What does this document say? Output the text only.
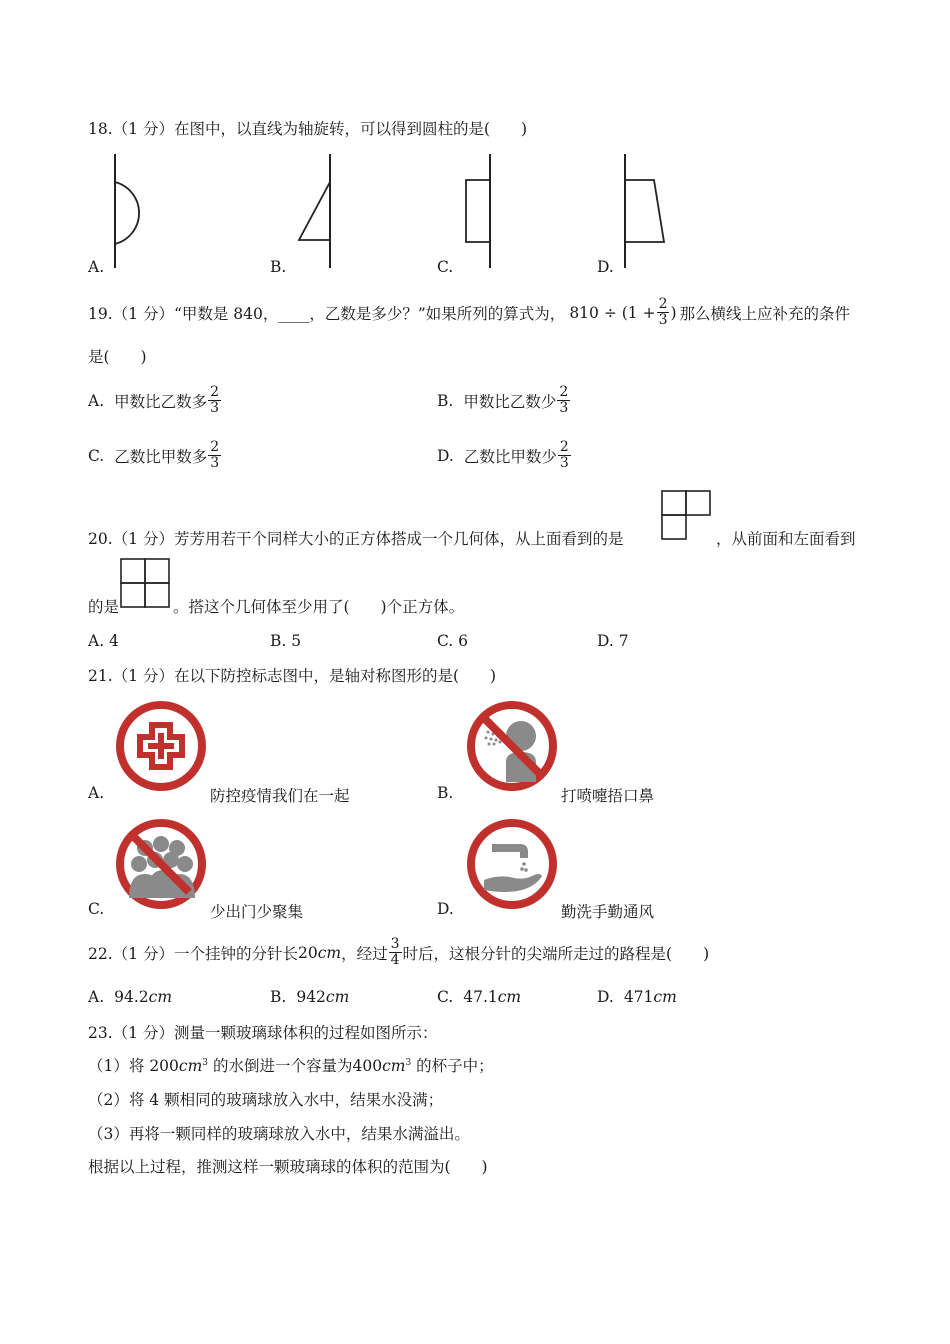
18.（1 分）在图中，以直线为轴旋转，可以得到圆柱的是(　　)
A.	B.	C.	D.
19.（1 分）“甲数是 840，____，乙数是多少？”如果所列的算式为， $810 \div (1 + \frac{2}{3}$ ) 那么横线上应补充的条件
是(　　)
A. 甲数比乙数多 $\frac{2}{3}$	B. 甲数比乙数少 $\frac{2}{3}$
C. 乙数比甲数多 $\frac{2}{3}$	D. 乙数比甲数少 $\frac{2}{3}$
20.（1 分）芳芳用若干个同样大小的正方体搭成一个几何体，从上面看到的是	，从前面和左面看到
的是	。搭这个几何体至少用了(　　)个正方体。
A. 4	B. 5	C. 6	D. 7
21.（1 分）在以下防控标志图中，是轴对称图形的是(　　)
A.	防控疫情我们在一起	B.	打喷嚏捂口鼻
C.	少出门少聚集	D.	勤洗手勤通风
22.（1 分）一个挂钟的分针长 20 cm ，经过 $\frac{3}{4}$ 时后，这根分针的尖端所走过的路程是(　　)
A. 94.2cm	B. 942cm	C. 47.1cm	D. 471cm
23.（1 分）测量一颗玻璃球体积的过程如图所示：
（1）将 $200cm^3$ 的水倒进一个容量为$400cm^3$ 的杯子中；
（2）将 4 颗相同的玻璃球放入水中，结果水没满；
（3）再将一颗同样的玻璃球放入水中，结果水满溢出。
根据以上过程，推测这样一颗玻璃球的体积的范围为(　　)
